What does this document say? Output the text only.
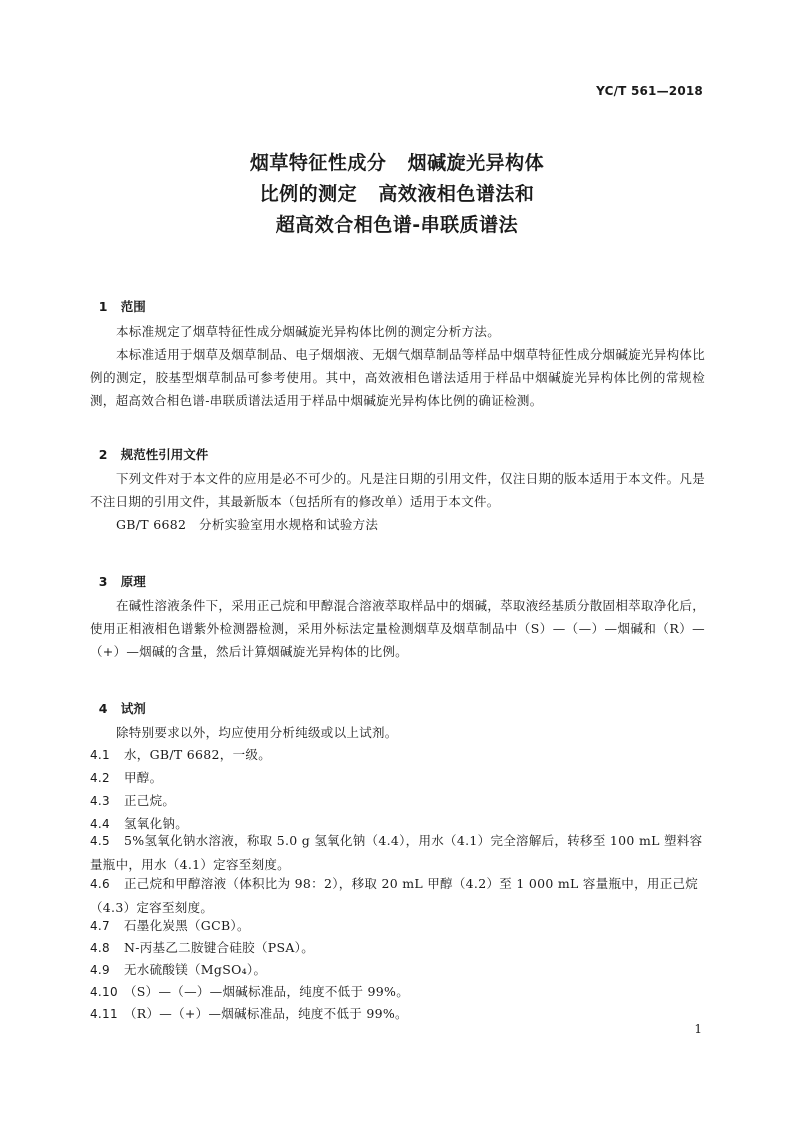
YC/T 561—2018
烟草特征性成分   烟碱旋光异构体
比例的测定   高效液相色谱法和
超高效合相色谱-串联质谱法

1 范围

本标准规定了烟草特征性成分烟碱旋光异构体比例的测定分析方法。
本标准适用于烟草及烟草制品、电子烟烟液、无烟气烟草制品等样品中烟草特征性成分烟碱旋光异构体比例的测定，胶基型烟草制品可参考使用。其中，高效液相色谱法适用于样品中烟碱旋光异构体比例的常规检测，超高效合相色谱-串联质谱法适用于样品中烟碱旋光异构体比例的确证检测。

2 规范性引用文件

下列文件对于本文件的应用是必不可少的。凡是注日期的引用文件，仅注日期的版本适用于本文件。凡是不注日期的引用文件，其最新版本（包括所有的修改单）适用于本文件。
GB/T 6682   分析实验室用水规格和试验方法

3 原理

在碱性溶液条件下，采用正己烷和甲醇混合溶液萃取样品中的烟碱，萃取液经基质分散固相萃取净化后，使用正相液相色谱紫外检测器检测，采用外标法定量检测烟草及烟草制品中（S）—（—）—烟碱和（R）—（+）—烟碱的含量，然后计算烟碱旋光异构体的比例。

4 试剂

除特别要求以外，均应使用分析纯级或以上试剂。
4.1 水，GB/T 6682，一级。
4.2 甲醇。
4.3 正己烷。
4.4 氢氧化钠。
4.5 5%氢氧化钠水溶液，称取 5.0 g 氢氧化钠（4.4），用水（4.1）完全溶解后，转移至 100 mL 塑料容量瓶中，用水（4.1）定容至刻度。
4.6 正己烷和甲醇溶液（体积比为 98：2），移取 20 mL 甲醇（4.2）至 1 000 mL 容量瓶中，用正己烷（4.3）定容至刻度。
4.7 石墨化炭黑（GCB）。
4.8 N-丙基乙二胺键合硅胶（PSA）。
4.9 无水硫酸镁（MgSO₄）。
4.10 （S）—（—）—烟碱标准品，纯度不低于 99%。
4.11 （R）—（+）—烟碱标准品，纯度不低于 99%。
1
